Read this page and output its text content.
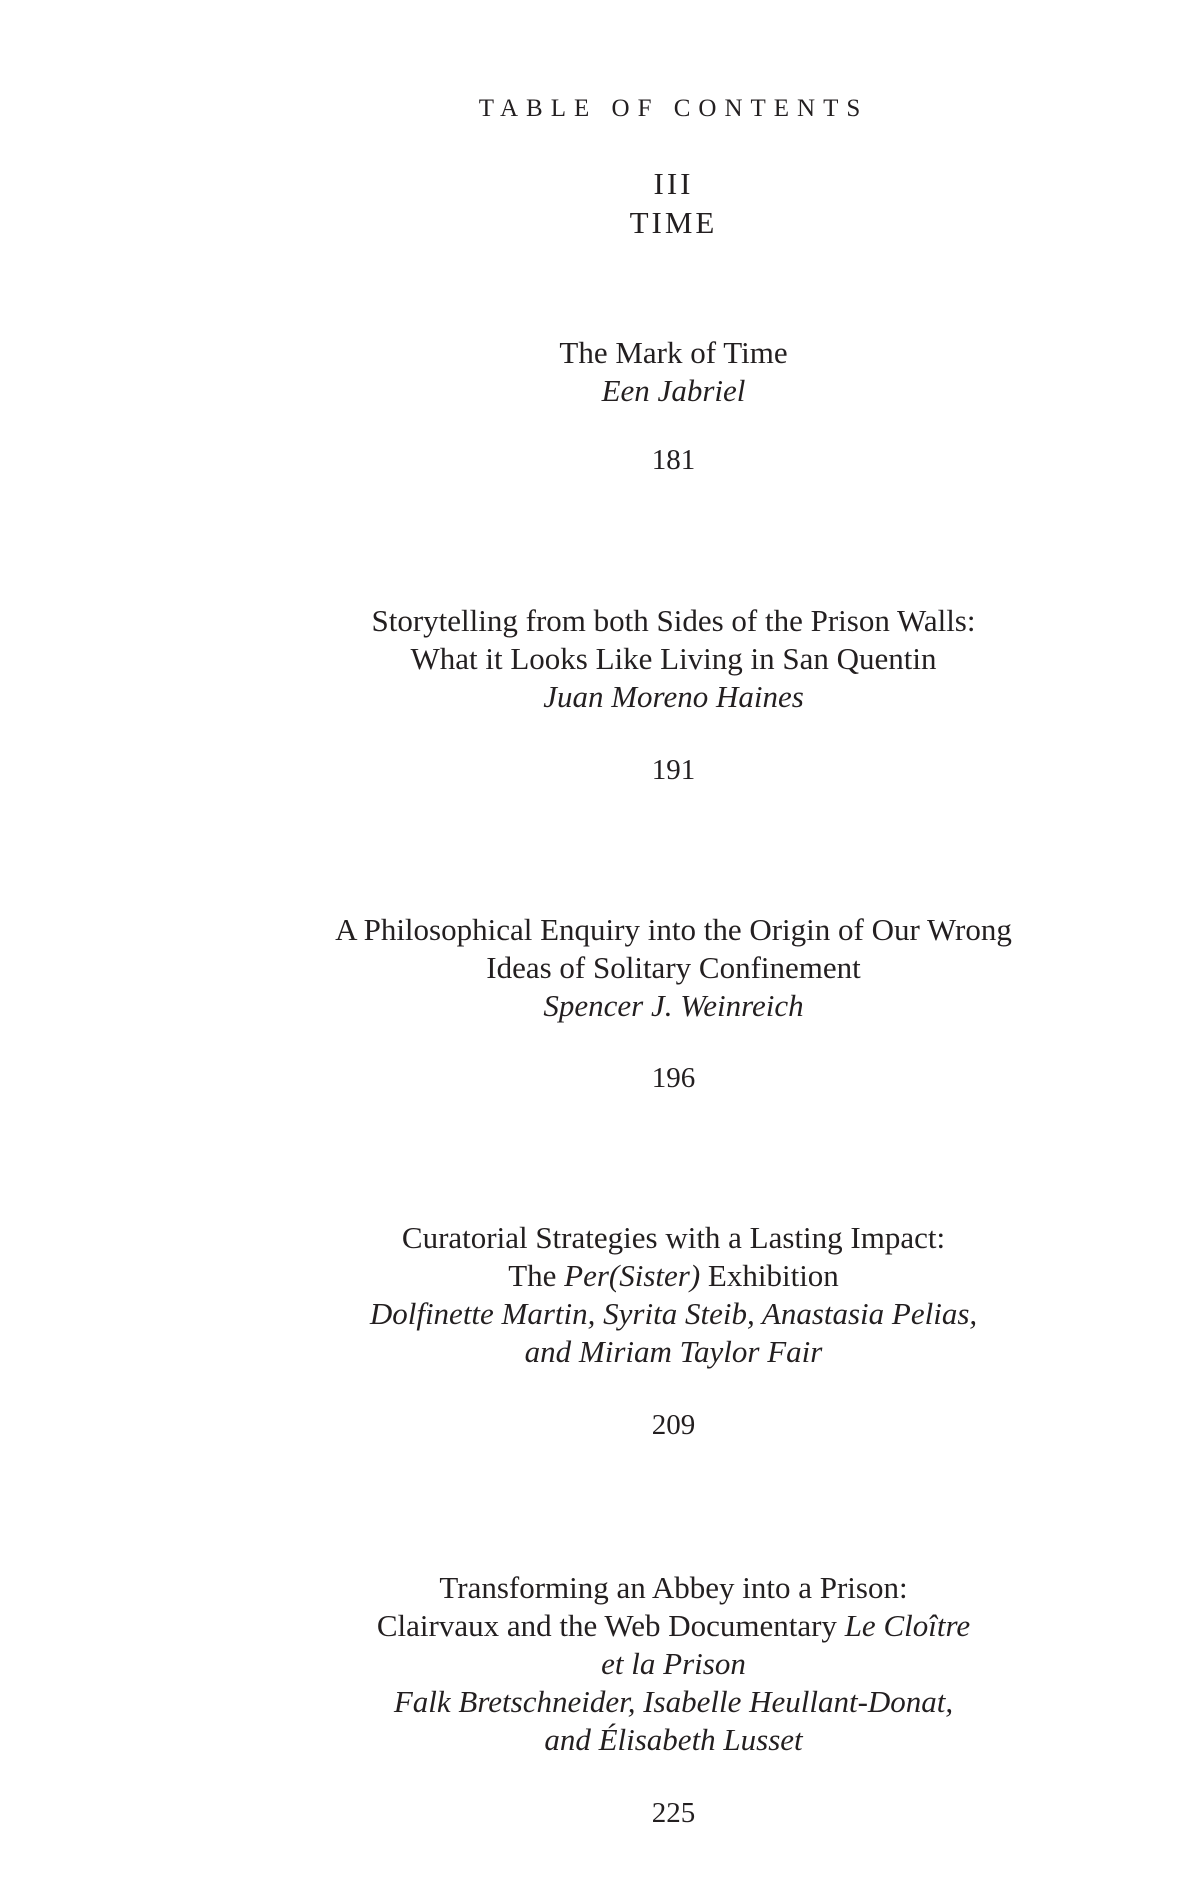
TABLE OF CONTENTS
III
TIME
The Mark of Time
Een Jabriel
181
Storytelling from both Sides of the Prison Walls:
What it Looks Like Living in San Quentin
Juan Moreno Haines
191
A Philosophical Enquiry into the Origin of Our Wrong
Ideas of Solitary Confinement
Spencer J. Weinreich
196
Curatorial Strategies with a Lasting Impact:
The Per(Sister) Exhibition
Dolfinette Martin, Syrita Steib, Anastasia Pelias,
and Miriam Taylor Fair
209
Transforming an Abbey into a Prison:
Clairvaux and the Web Documentary Le Cloître
et la Prison
Falk Bretschneider, Isabelle Heullant-Donat,
and Élisabeth Lusset
225
